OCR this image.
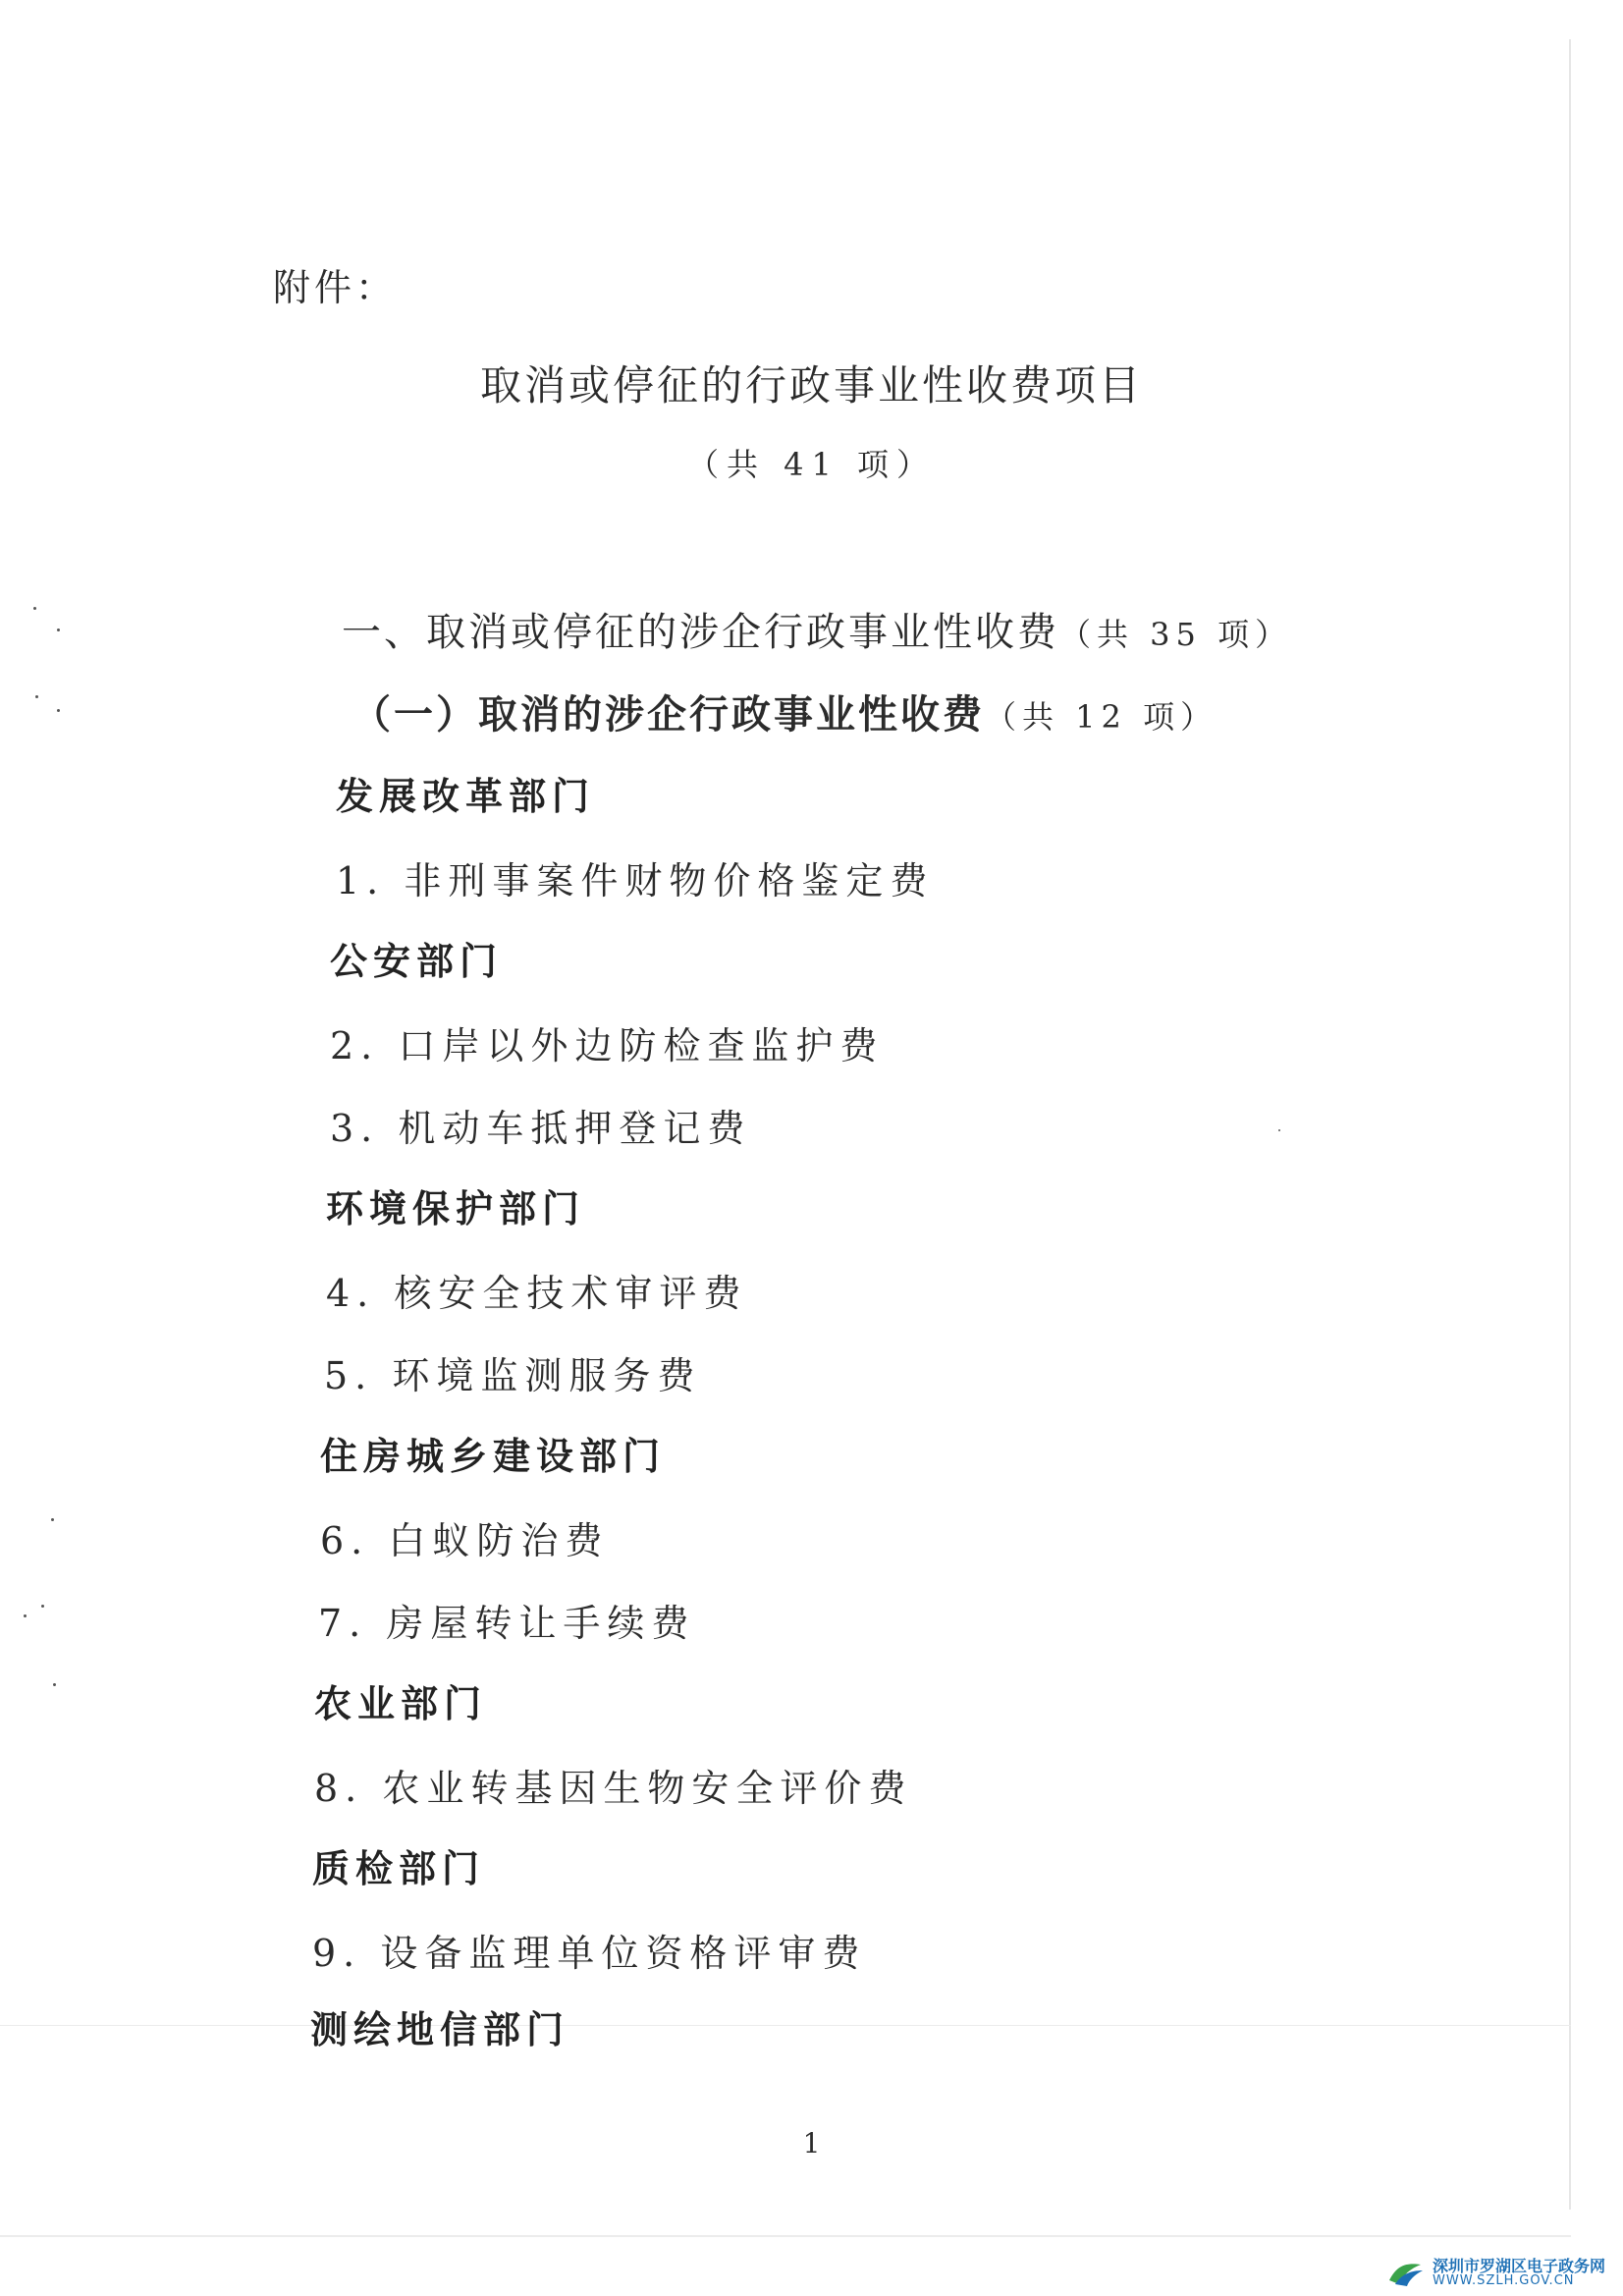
附件：
取消或停征的行政事业性收费项目
（共 41 项）
一、取消或停征的涉企行政事业性收费（共 35 项）
（一）取消的涉企行政事业性收费（共 12 项）
发展改革部门
1. 非刑事案件财物价格鉴定费
公安部门
2. 口岸以外边防检查监护费
3. 机动车抵押登记费
环境保护部门
4. 核安全技术审评费
5. 环境监测服务费
住房城乡建设部门
6. 白蚁防治费
7. 房屋转让手续费
农业部门
8. 农业转基因生物安全评价费
质检部门
9. 设备监理单位资格评审费
测绘地信部门
1
深圳市罗湖区电子政务网
WWW.SZLH.GOV.CN
